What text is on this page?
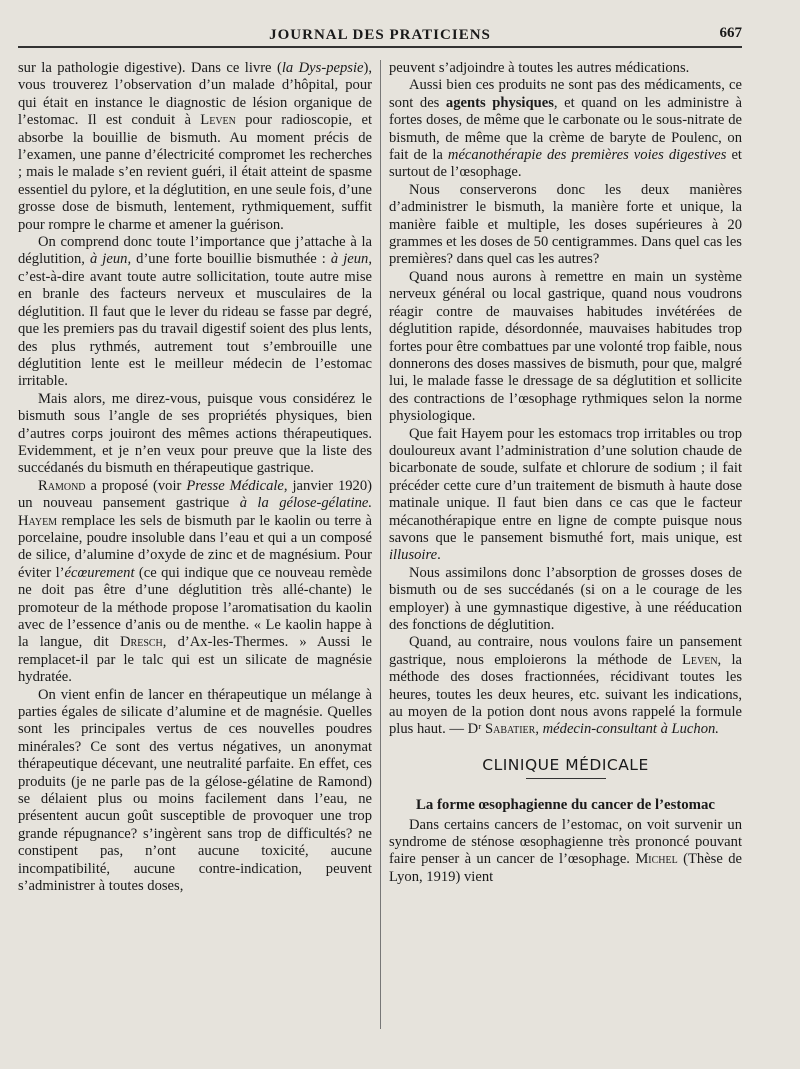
JOURNAL DES PRATICIENS	667

sur la pathologie digestive). Dans ce livre (la Dys-pepsie), vous trouverez l’observation d’un malade d’hôpital, pour qui était en instance le diagnostic de lésion organique de l’estomac. Il est conduit à Leven pour radioscopie, et absorbe la bouillie de bismuth. Au moment précis de l’examen, une panne d’électricité compromet les recherches ; mais le malade s’en revient guéri, il était atteint de spasme essentiel du pylore, et la déglutition, en une seule fois, d’une grosse dose de bismuth, lentement, rythmiquement, suffit pour rompre le charme et amener la guérison.

On comprend donc toute l’importance que j’attache à la déglutition, à jeun, d’une forte bouillie bismuthée : à jeun, c’est-à-dire avant toute autre sollicitation, toute autre mise en branle des facteurs nerveux et musculaires de la déglutition. Il faut que le lever du rideau se fasse par degré, que les premiers pas du travail digestif soient des plus lents, des plus rythmés, autrement tout s’embrouille une déglutition lente est le meilleur médecin de l’estomac irritable.

Mais alors, me direz-vous, puisque vous considérez le bismuth sous l’angle de ses propriétés physiques, bien d’autres corps jouiront des mêmes actions thérapeutiques. Evidemment, et je n’en veux pour preuve que la liste des succédanés du bismuth en thérapeutique gastrique.

Ramond a proposé (voir Presse Médicale, janvier 1920) un nouveau pansement gastrique à la gélose-gélatine. Hayem remplace les sels de bismuth par le kaolin ou terre à porcelaine, poudre insoluble dans l’eau et qui a un composé de silice, d’alumine d’oxyde de zinc et de magnésium. Pour éviter l’écœurement (ce qui indique que ce nouveau remède ne doit pas être d’une déglutition très allé-chante) le promoteur de la méthode propose l’aromatisation du kaolin avec de l’essence d’anis ou de menthe. « Le kaolin happe à la langue, dit Dresch, d’Ax-les-Thermes. » Aussi le remplacet-il par le talc qui est un silicate de magnésie hydratée.

On vient enfin de lancer en thérapeutique un mélange à parties égales de silicate d’alumine et de magnésie. Quelles sont les principales vertus de ces nouvelles poudres minérales? Ce sont des vertus négatives, un anonymat thérapeutique décevant, une neutralité parfaite. En effet, ces produits (je ne parle pas de la gélose-gélatine de Ramond) se délaient plus ou moins facilement dans l’eau, ne présentent aucun goût susceptible de provoquer une trop grande répugnance? s’ingèrent sans trop de difficultés? ne constipent pas, n’ont aucune toxicité, aucune incompatibilité, aucune contre-indication, peuvent s’administrer à toutes doses,

peuvent s’adjoindre à toutes les autres médications.

Aussi bien ces produits ne sont pas des médicaments, ce sont des agents physiques, et quand on les administre à fortes doses, de même que le carbonate ou le sous-nitrate de bismuth, de même que la crème de baryte de Poulenc, on fait de la mécanothérapie des premières voies digestives et surtout de l’œsophage.

Nous conserverons donc les deux manières d’administrer le bismuth, la manière forte et unique, la manière faible et multiple, les doses supérieures à 20 grammes et les doses de 50 centigrammes. Dans quel cas les premières? dans quel cas les autres?

Quand nous aurons à remettre en main un système nerveux général ou local gastrique, quand nous voudrons réagir contre de mauvaises habitudes invétérées de déglutition rapide, désordonnée, mauvaises habitudes trop fortes pour être combattues par une volonté trop faible, nous donnerons des doses massives de bismuth, pour que, malgré lui, le malade fasse le dressage de sa déglutition et sollicite des contractions de l’œsophage rythmiques selon la norme physiologique.

Que fait Hayem pour les estomacs trop irritables ou trop douloureux avant l’administration d’une solution chaude de bicarbonate de soude, sulfate et chlorure de sodium ; il fait précéder cette cure d’un traitement de bismuth à haute dose matinale unique. Il faut bien dans ce cas que le facteur mécanothérapique entre en ligne de compte puisque nous savons que le pansement bismuthé fort, mais unique, est illusoire.

Nous assimilons donc l’absorption de grosses doses de bismuth ou de ses succédanés (si on a le courage de les employer) à une gymnastique digestive, à une rééducation des fonctions de déglutition.

Quand, au contraire, nous voulons faire un pansement gastrique, nous emploierons la méthode de Leven, la méthode des doses fractionnées, récidivant toutes les heures, toutes les deux heures, etc. suivant les indications, au moyen de la potion dont nous avons rappelé la formule plus haut. — Dʳ Sabatier, médecin-consultant à Luchon.

CLINIQUE MÉDICALE
La forme œsophagienne du cancer de l’estomac

Dans certains cancers de l’estomac, on voit survenir un syndrome de sténose œsophagienne très prononcé pouvant faire penser à un cancer de l’œsophage. Michel (Thèse de Lyon, 1919) vient
